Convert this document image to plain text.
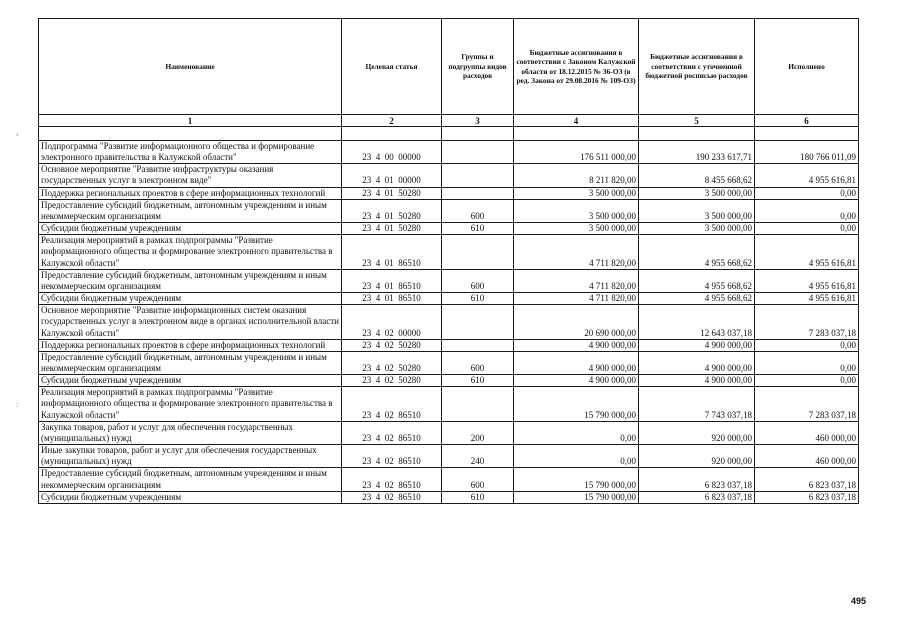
Наименование	Целевая статья	Группы и подгруппы видов расходов	Бюджетные ассигнования в соответствии с Законом Калужской области от 18.12.2015 № 36-ОЗ (в ред. Закона от 29.08.2016 № 109-ОЗ)	Бюджетные ассигнования в соответствии с уточненной бюджетной росписью расходов	Исполнено
1	2	3	4	5	6

Подпрограмма "Развитие информационного общества и формирование электронного правительства в Калужской области"	23  4  00  00000		176 511 000,00	190 233 617,71	180 766 011,09
Основное мероприятие "Развитие инфраструктуры оказания государственных услуг в электронном виде"	23  4  01  00000		8 211 820,00	8 455 668,62	4 955 616,81
Поддержка региональных проектов в сфере информационных технологий	23  4  01  50280		3 500 000,00	3 500 000,00	0,00
Предоставление субсидий бюджетным, автономным учреждениям и иным некоммерческим организациям	23  4  01  50280	600	3 500 000,00	3 500 000,00	0,00
Субсидии бюджетным учреждениям	23  4  01  50280	610	3 500 000,00	3 500 000,00	0,00
Реализация мероприятий в рамках подпрограммы "Развитие информационного общества и формирование электронного правительства в Калужской области"	23  4  01  86510		4 711 820,00	4 955 668,62	4 955 616,81
Предоставление субсидий бюджетным, автономным учреждениям и иным некоммерческим организациям	23  4  01  86510	600	4 711 820,00	4 955 668,62	4 955 616,81
Субсидии бюджетным учреждениям	23  4  01  86510	610	4 711 820,00	4 955 668,62	4 955 616,81
Основное мероприятие "Развитие информационных систем оказания государственных услуг в электронном виде в органах исполнительной власти Калужской области"	23  4  02  00000		20 690 000,00	12 643 037,18	7 283 037,18
Поддержка региональных проектов в сфере информационных технологий	23  4  02  50280		4 900 000,00	4 900 000,00	0,00
Предоставление субсидий бюджетным, автономным учреждениям и иным некоммерческим организациям	23  4  02  50280	600	4 900 000,00	4 900 000,00	0,00
Субсидии бюджетным учреждениям	23  4  02  50280	610	4 900 000,00	4 900 000,00	0,00
Реализация мероприятий в рамках подпрограммы "Развитие информационного общества и формирование электронного правительства в Калужской области"	23  4  02  86510		15 790 000,00	7 743 037,18	7 283 037,18
Закупка товаров, работ и услуг для обеспечения государственных (муниципальных) нужд	23  4  02  86510	200	0,00	920 000,00	460 000,00
Иные закупки товаров, работ и услуг для обеспечения государственных (муниципальных) нужд	23  4  02  86510	240	0,00	920 000,00	460 000,00
Предоставление субсидий бюджетным, автономным учреждениям и иным некоммерческим организациям	23  4  02  86510	600	15 790 000,00	6 823 037,18	6 823 037,18
Субсидии бюджетным учреждениям	23  4  02  86510	610	15 790 000,00	6 823 037,18	6 823 037,18
‹
:
495
